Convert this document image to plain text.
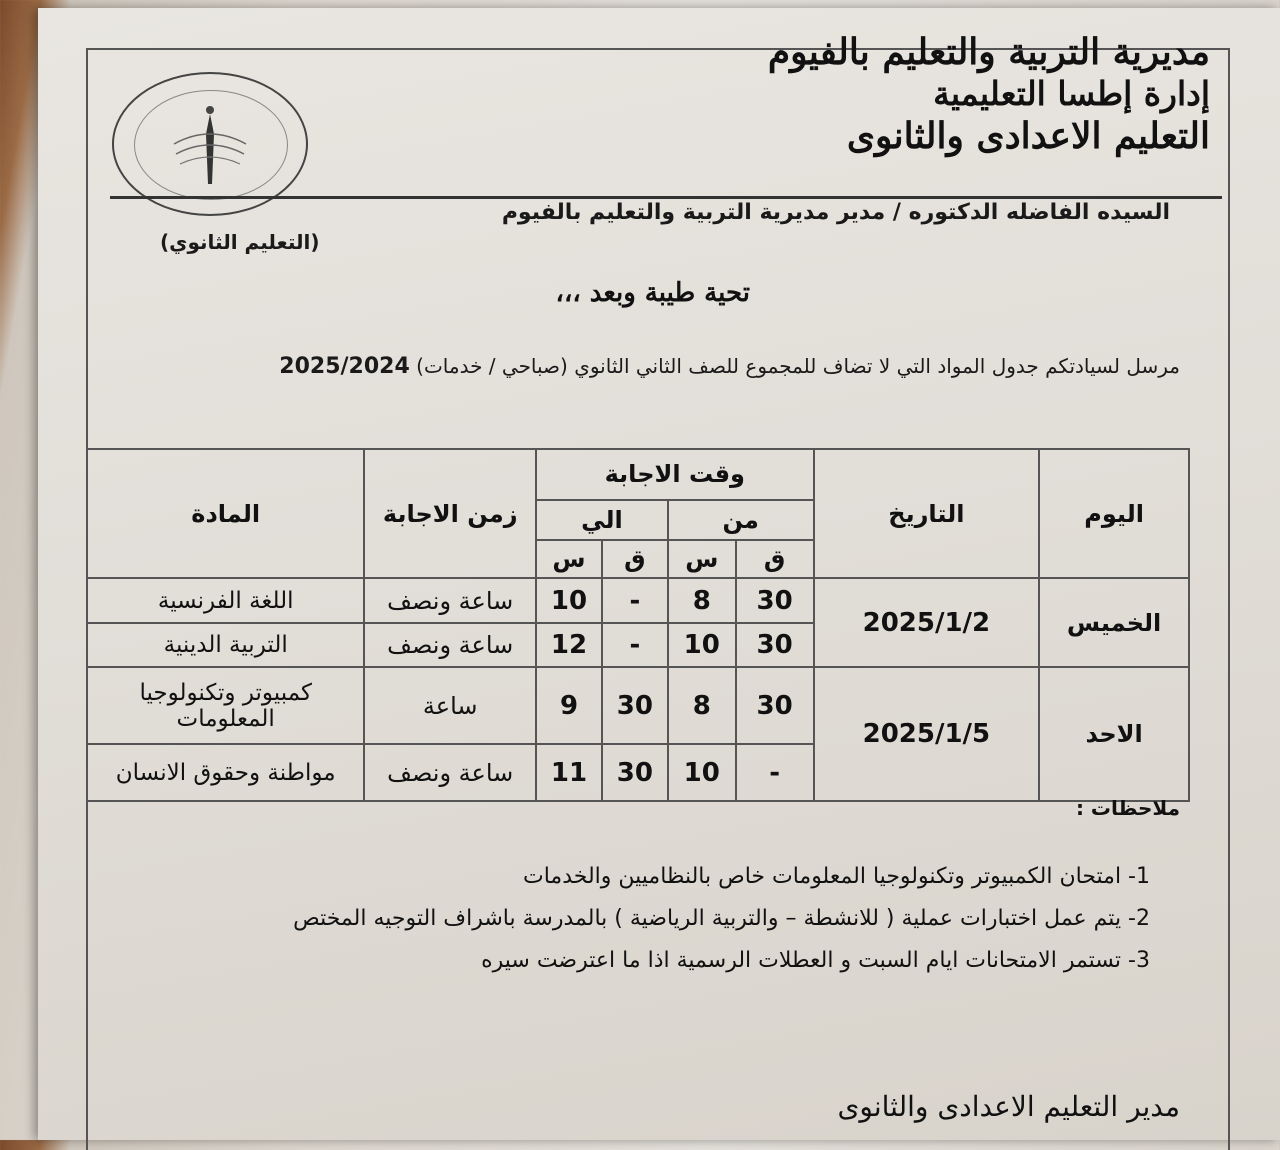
مديرية التربية والتعليم بالفيوم
إدارة إطسا التعليمية
التعليم الاعدادى والثانوى
السيده الفاضله الدكتوره / مدير مديرية التربية والتعليم بالفيوم
(التعليم الثانوي)
تحية طيبة وبعد ،،،
مرسل لسيادتكم جدول المواد التي لا تضاف للمجموع للصف الثاني الثانوي (صباحي / خدمات) 2025/2024
اليوم	التاريخ	وقت الاجابة				زمن الاجابة	المادة
		من		الي			
		ق	س	ق	س		
الخميس	2025/1/2	30	8	-	10	ساعة ونصف	اللغة الفرنسية
		30	10	-	12	ساعة ونصف	التربية الدينية
الاحد	2025/1/5	30	8	30	9	ساعة	كمبيوتر وتكنولوجيا المعلومات
		-	10	30	11	ساعة ونصف	مواطنة وحقوق الانسان
ملاحظات :
1- امتحان الكمبيوتر وتكنولوجيا المعلومات خاص بالنظاميين والخدمات
2- يتم عمل اختبارات عملية ( للانشطة – والتربية الرياضية ) بالمدرسة باشراف التوجيه المختص
3- تستمر الامتحانات ايام السبت و العطلات الرسمية اذا ما اعترضت سيره
مدير التعليم الاعدادى والثانوى
